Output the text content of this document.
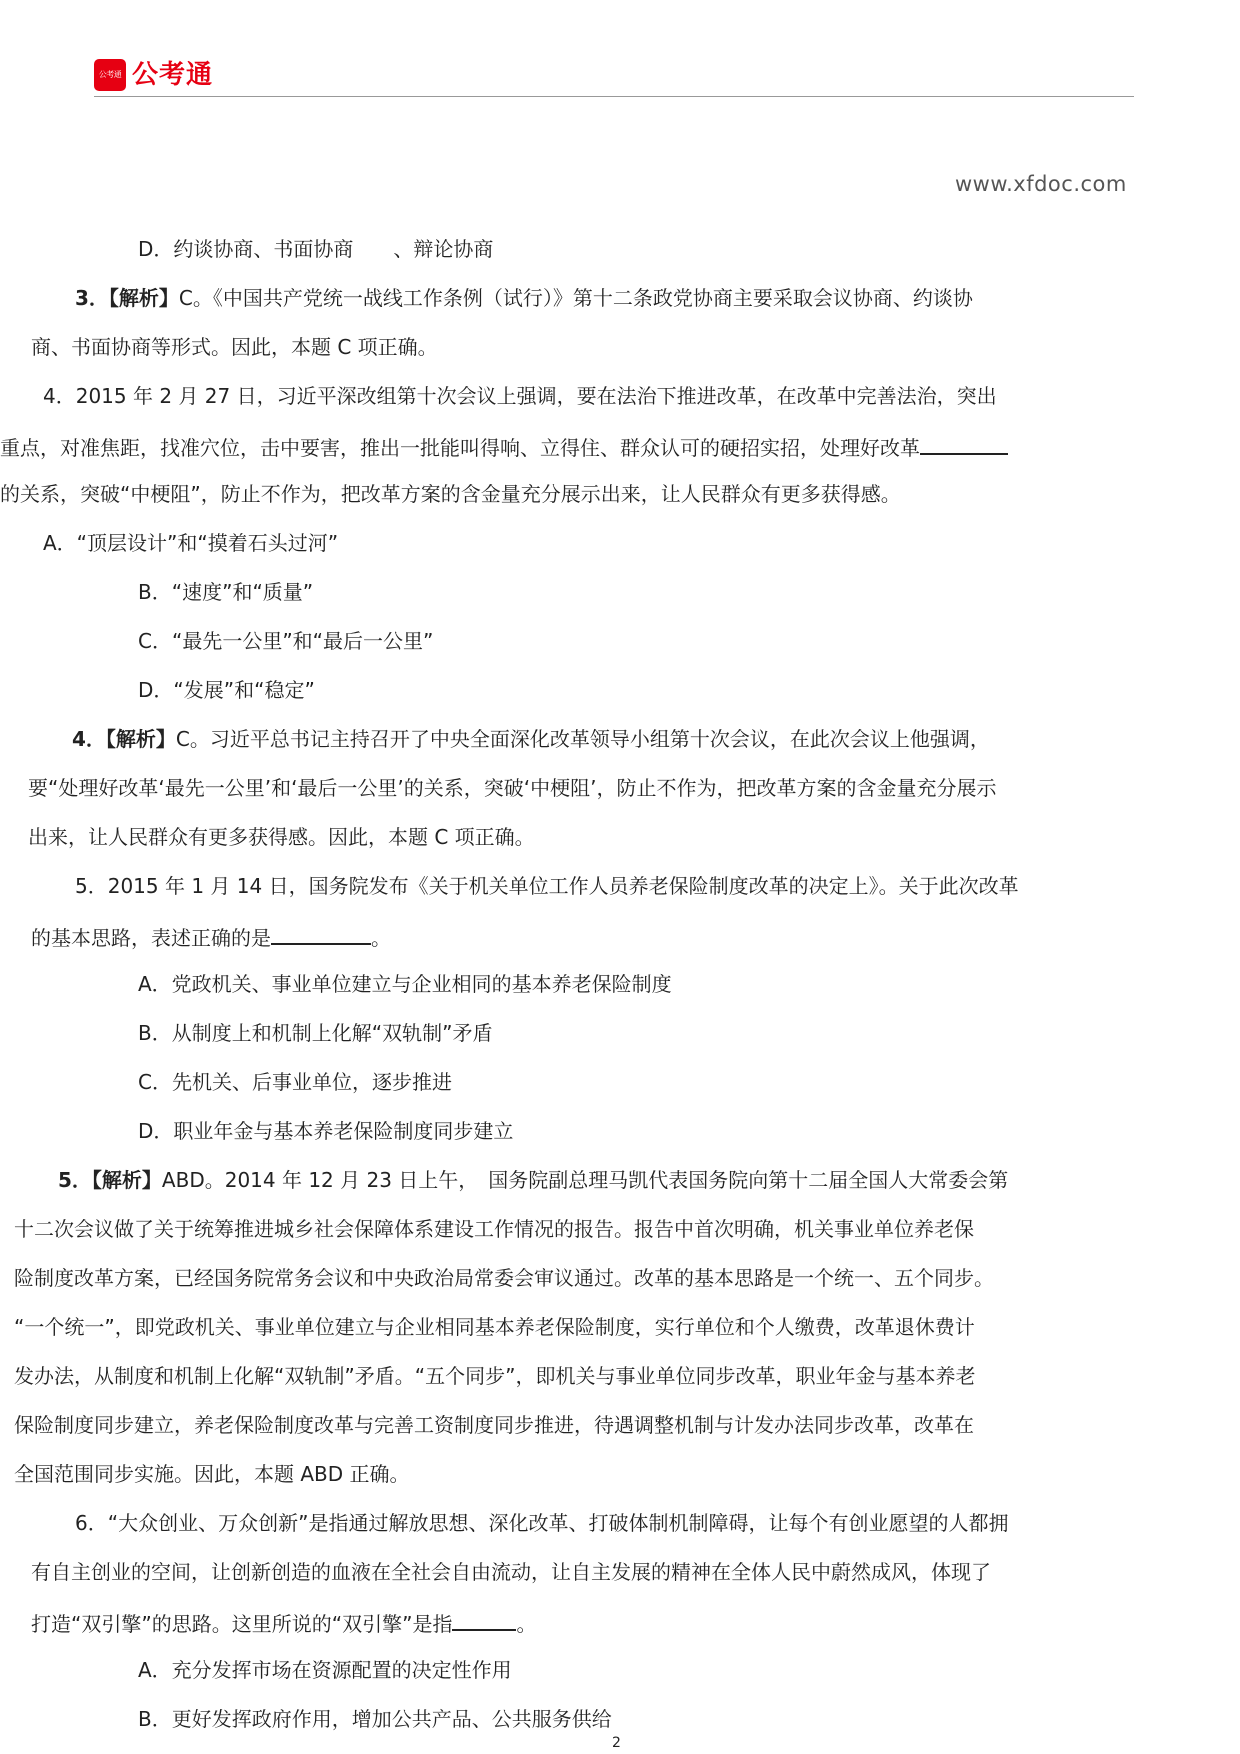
公考通 公考通
www.xfdoc.com
D．约谈协商、书面协商　　、辩论协商
3．【解析】C。《中国共产党统一战线工作条例（试行）》第十二条政党协商主要采取会议协商、约谈协
商、书面协商等形式。因此，本题 C 项正确。
4．2015 年 2 月 27 日，习近平深改组第十次会议上强调，要在法治下推进改革，在改革中完善法治，突出
重点，对准焦距，找准穴位，击中要害，推出一批能叫得响、立得住、群众认可的硬招实招，处理好改革
的关系，突破“中梗阻”，防止不作为，把改革方案的含金量充分展示出来，让人民群众有更多获得感。
A．“顶层设计”和“摸着石头过河”
B．“速度”和“质量”
C．“最先一公里”和“最后一公里”
D．“发展”和“稳定”
4．【解析】C。习近平总书记主持召开了中央全面深化改革领导小组第十次会议，在此次会议上他强调，
要“处理好改革‘最先一公里’和‘最后一公里’的关系，突破‘中梗阻’，防止不作为，把改革方案的含金量充分展示
出来，让人民群众有更多获得感。因此，本题 C 项正确。
5．2015 年 1 月 14 日，国务院发布《关于机关单位工作人员养老保险制度改革的决定上》。关于此次改革
的基本思路，表述正确的是	。
A．党政机关、事业单位建立与企业相同的基本养老保险制度
B．从制度上和机制上化解“双轨制”矛盾
C．先机关、后事业单位，逐步推进
D．职业年金与基本养老保险制度同步建立
5．【解析】ABD。2014 年 12 月 23 日上午，　国务院副总理马凯代表国务院向第十二届全国人大常委会第
十二次会议做了关于统筹推进城乡社会保障体系建设工作情况的报告。报告中首次明确，机关事业单位养老保
险制度改革方案，已经国务院常务会议和中央政治局常委会审议通过。改革的基本思路是一个统一、五个同步。
“一个统一”，即党政机关、事业单位建立与企业相同基本养老保险制度，实行单位和个人缴费，改革退休费计
发办法，从制度和机制上化解“双轨制”矛盾。“五个同步”，即机关与事业单位同步改革，职业年金与基本养老
保险制度同步建立，养老保险制度改革与完善工资制度同步推进，待遇调整机制与计发办法同步改革，改革在
全国范围同步实施。因此，本题 ABD 正确。
6．“大众创业、万众创新”是指通过解放思想、深化改革、打破体制机制障碍，让每个有创业愿望的人都拥
有自主创业的空间，让创新创造的血液在全社会自由流动，让自主发展的精神在全体人民中蔚然成风，体现了
打造“双引擎”的思路。这里所说的“双引擎”是指	。
A．充分发挥市场在资源配置的决定性作用
B．更好发挥政府作用，增加公共产品、公共服务供给
2
